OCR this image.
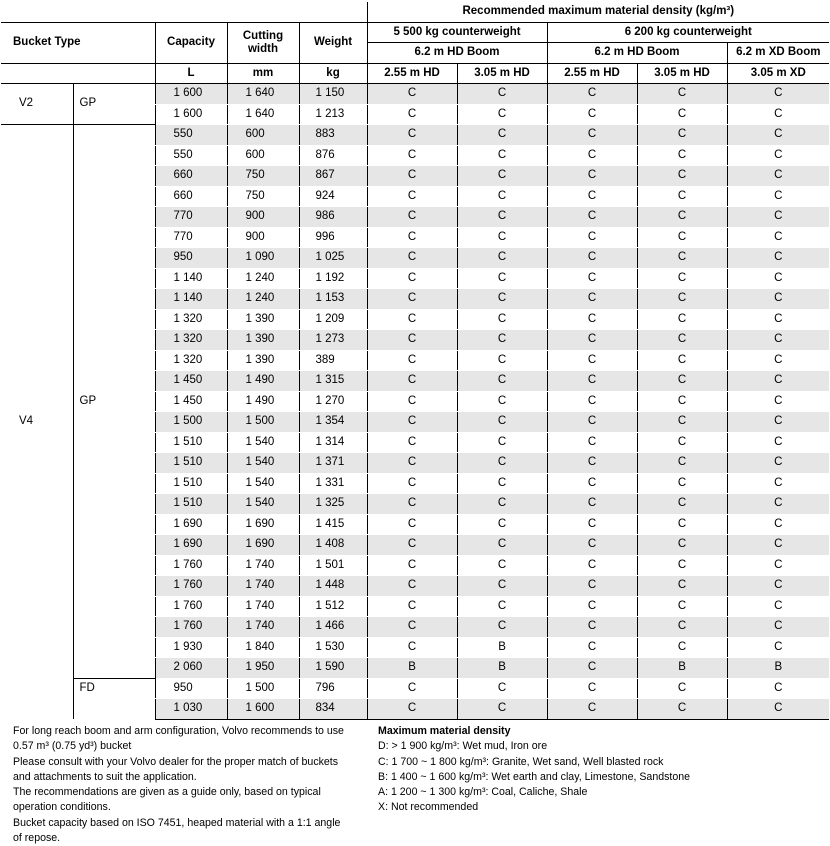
					Recommended maximum material density (kg/m³)				
Bucket Type		Capacity	Cutting width	Weight	5 500 kg counterweight		6 200 kg counterweight		
					6.2 m HD Boom		6.2 m HD Boom		6.2 m XD Boom
		L	mm	kg	2.55 m HD	3.05 m HD	2.55 m HD	3.05 m HD	3.05 m XD
V2	GP	1 600	1 640	1 150	C	C	C	C	C
		1 600	1 640	1 213	C	C	C	C	C
V4	GP	550	600	883	C	C	C	C	C
		550	600	876	C	C	C	C	C
		660	750	867	C	C	C	C	C
		660	750	924	C	C	C	C	C
		770	900	986	C	C	C	C	C
		770	900	996	C	C	C	C	C
		950	1 090	1 025	C	C	C	C	C
		1 140	1 240	1 192	C	C	C	C	C
		1 140	1 240	1 153	C	C	C	C	C
		1 320	1 390	1 209	C	C	C	C	C
		1 320	1 390	1 273	C	C	C	C	C
		1 320	1 390	389	C	C	C	C	C
		1 450	1 490	1 315	C	C	C	C	C
		1 450	1 490	1 270	C	C	C	C	C
		1 500	1 500	1 354	C	C	C	C	C
		1 510	1 540	1 314	C	C	C	C	C
		1 510	1 540	1 371	C	C	C	C	C
		1 510	1 540	1 331	C	C	C	C	C
		1 510	1 540	1 325	C	C	C	C	C
		1 690	1 690	1 415	C	C	C	C	C
		1 690	1 690	1 408	C	C	C	C	C
		1 760	1 740	1 501	C	C	C	C	C
		1 760	1 740	1 448	C	C	C	C	C
		1 760	1 740	1 512	C	C	C	C	C
		1 760	1 740	1 466	C	C	C	C	C
		1 930	1 840	1 530	C	B	C	C	C
		2 060	1 950	1 590	B	B	C	B	B
	FD	950	1 500	796	C	C	C	C	C
		1 030	1 600	834	C	C	C	C	C
For long reach boom and arm configuration, Volvo recommends to use
0.57 m³ (0.75 yd³) bucket
Please consult with your Volvo dealer for the proper match of buckets
and attachments to suit the application.
The recommendations are given as a guide only, based on typical
operation conditions.
Bucket capacity based on ISO 7451, heaped material with a 1:1 angle
of repose.
Maximum material density
D: > 1 900 kg/m³: Wet mud, Iron ore
C: 1 700 ~ 1 800 kg/m³: Granite, Wet sand, Well blasted rock
B: 1 400 ~ 1 600 kg/m³: Wet earth and clay, Limestone, Sandstone
A: 1 200 ~ 1 300 kg/m³: Coal, Caliche, Shale
X: Not recommended
